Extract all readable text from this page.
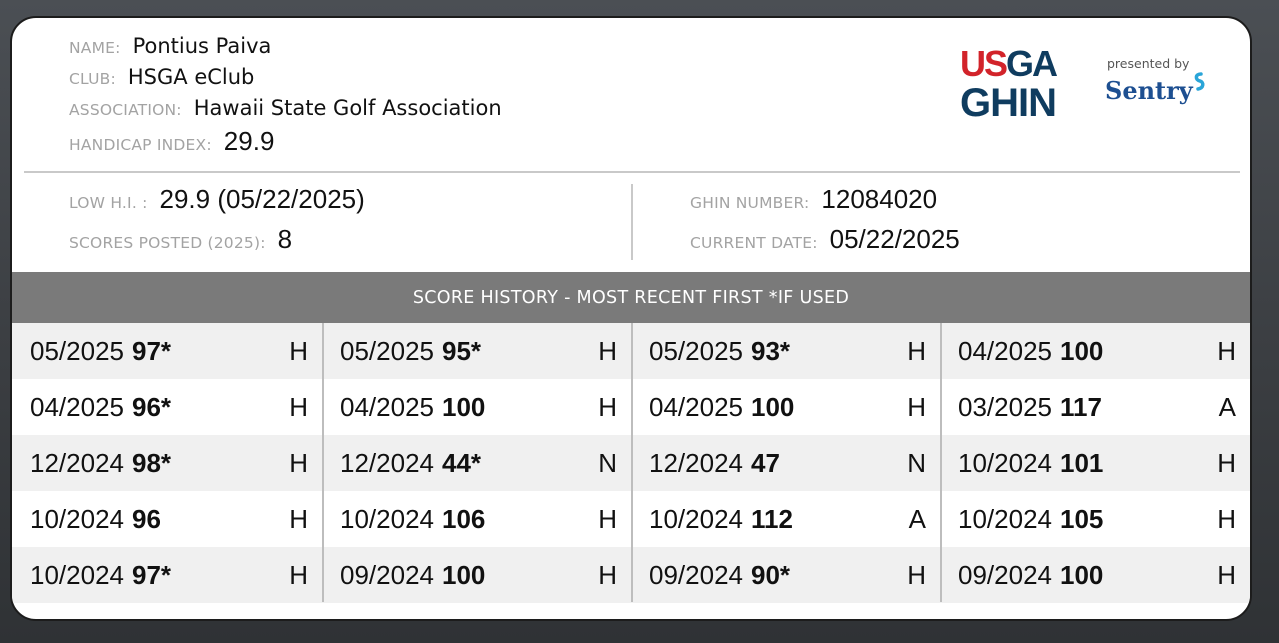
NAME: Pontius Paiva
CLUB: HSGA eClub
ASSOCIATION: Hawaii State Golf Association
HANDICAP INDEX: 29.9
USGA
GHIN
presented by
Sentry
LOW H.I. : 29.9 (05/22/2025)
SCORES POSTED (2025): 8
GHIN NUMBER: 12084020
CURRENT DATE: 05/22/2025
SCORE HISTORY - MOST RECENT FIRST *IF USED
05/2025 97*	H 05/2025 95*	H 05/2025 93*	H 04/2025 100	H
04/2025 96*	H 04/2025 100	H 04/2025 100	H 03/2025 117	A
12/2024 98*	H 12/2024 44*	N 12/2024 47	N 10/2024 101	H
10/2024 96	H 10/2024 106	H 10/2024 112	A 10/2024 105	H
10/2024 97*	H 09/2024 100	H 09/2024 90*	H 09/2024 100	H
